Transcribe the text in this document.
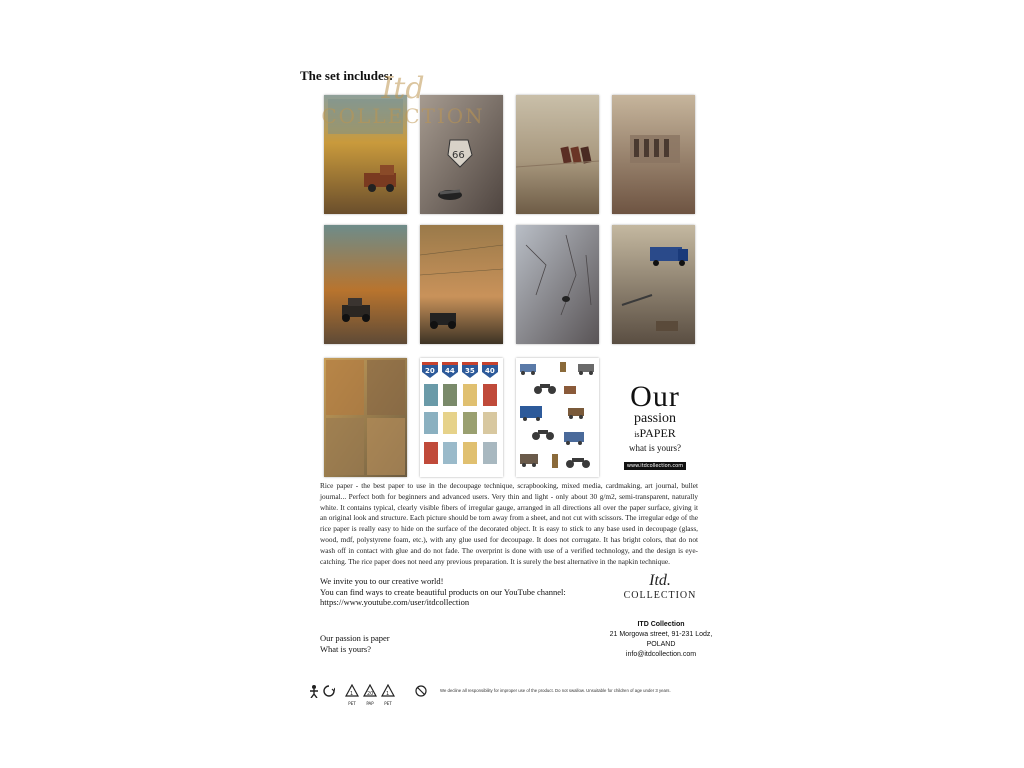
The set includes:
Itd
COLLECTION
66
20 44 35 40
Our
passion
isPAPER
what is yours?
www.itdcollection.com
Rice paper - the best paper to use in the decoupage technique, scrapbooking, mixed media, cardmaking, art journal, bullet journal... Perfect both for beginners and advanced users. Very thin and light - only about 30 g/m2, semi-transparent, naturally white. It contains typical, clearly visible fibers of irregular gauge, arranged in all directions all over the paper surface, giving it an original look and structure. Each picture should be torn away from a sheet, and not cut with scissors. The irregular edge of the rice paper is really easy to hide on the surface of the decorated object. It is easy to stick to any base used in decoupage (glass, wood, mdf, polystyrene foam, etc.), with any glue used for decoupage. It does not corrugate. It has bright colors, that do not wash off in contact with glue and do not fade. The overprint is done with use of a verified technology, and the design is eye-catching. The rice paper does not need any previous preparation. It is surely the best alternative in the napkin technique.
We invite you to our creative world!
You can find ways to create beautiful products on our YouTube channel:
https://www.youtube.com/user/itdcollection
Itd.
COLLECTION
ITD Collection
21 Morgowa street, 91-231 Lodz, POLAND
info@itdcollection.com
Our passion is paper
What is yours?
1
PET
20
PAP
1
PET
We decline all responsibility for improper use of the product. Do not swallow. Unsuitable for children of age under 3 years.
